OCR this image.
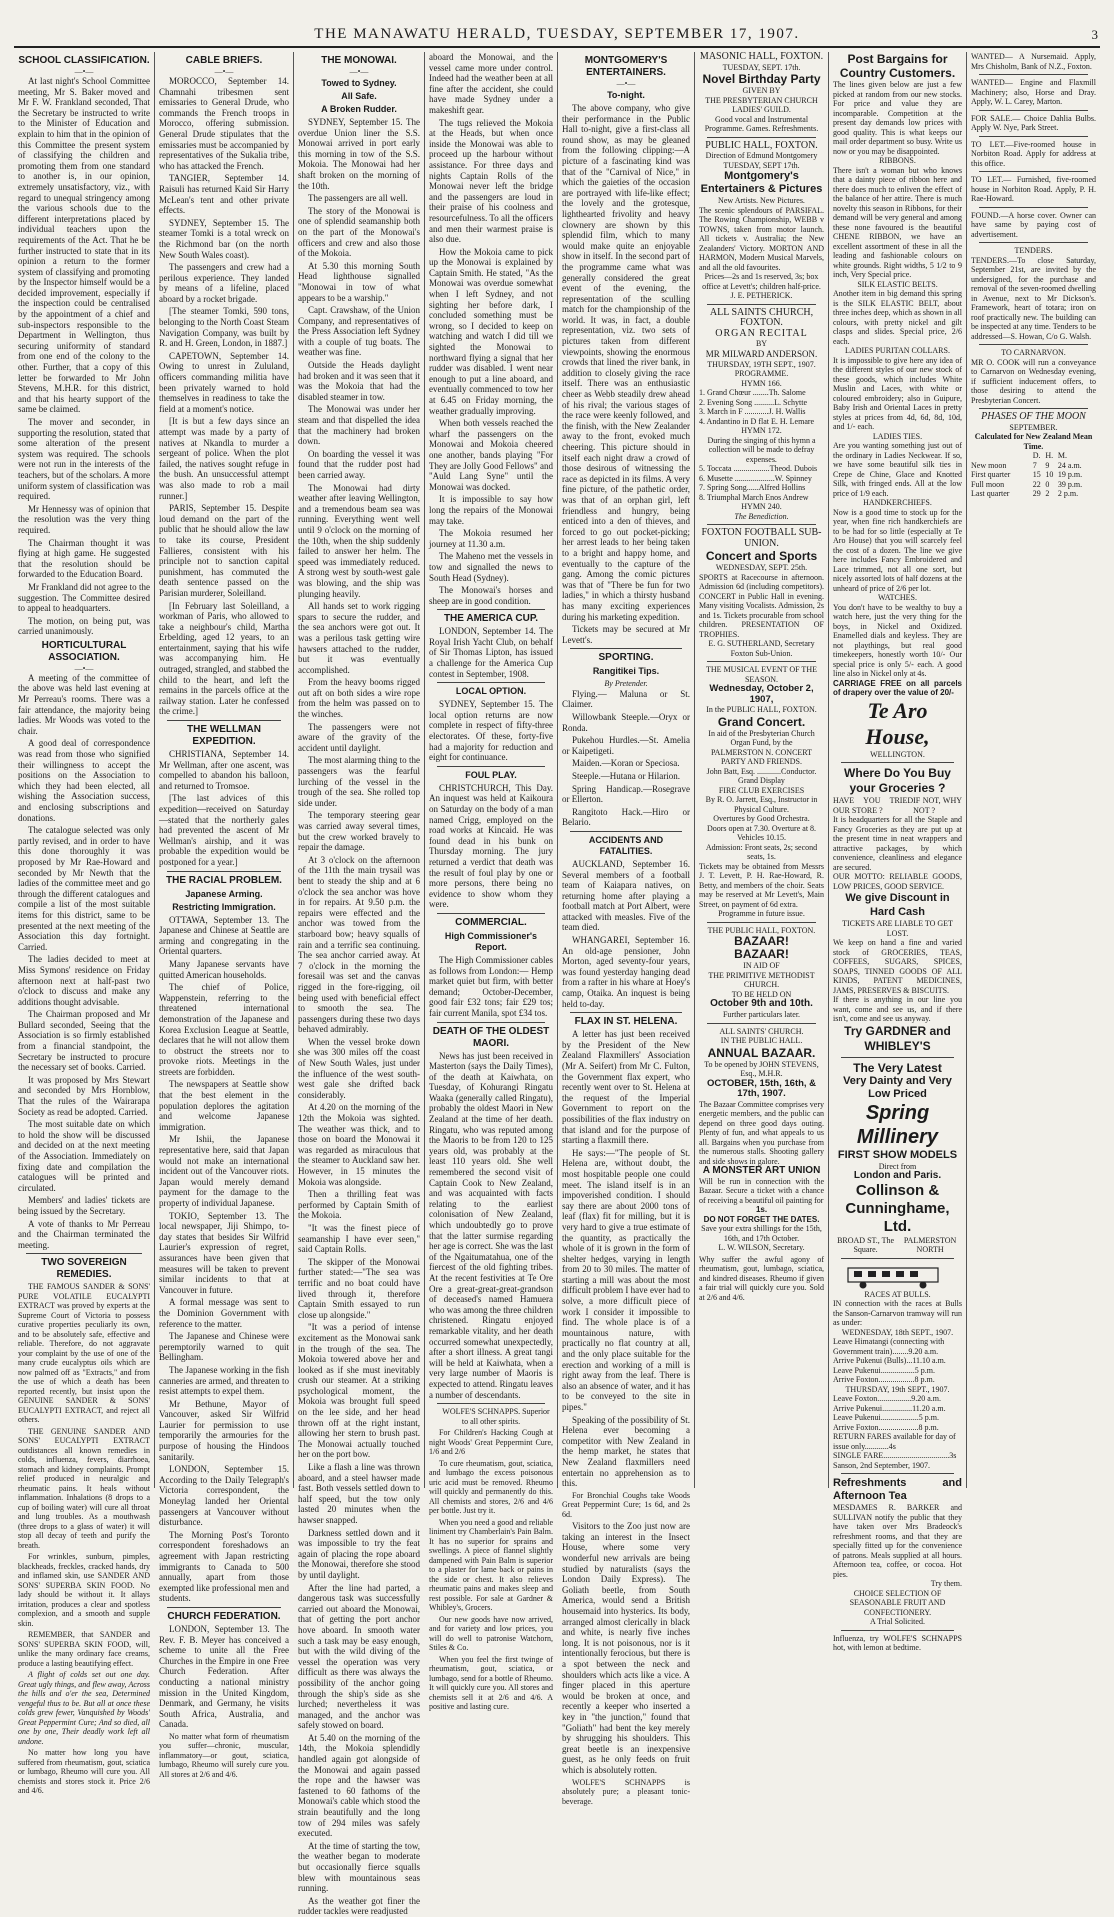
THE MANAWATU HERALD, TUESDAY, SEPTEMBER 17, 1907.	3
SCHOOL CLASSIFICATION.
—•—

At last night's School Committee meeting, Mr S. Baker moved and Mr F. W. Frankland seconded, That the Secretary be instructed to write to the Minister of Education and explain to him that in the opinion of this Committee the present system of classifying the children and promoting them from one standard to another is, in our opinion, extremely unsatisfactory, viz., with regard to unequal stringency among the various schools due to the different interpretations placed by individual teachers upon the requirements of the Act. That he be further instructed to state that in its opinion a return to the former system of classifying and promoting by the Inspector himself would be a decided improvement, especially if the inspection could be centralised by the appointment of a chief and sub-inspectors responsible to the Department in Wellington, thus securing uniformity of standard from one end of the colony to the other. Further, that a copy of this letter be forwarded to Mr John Stevens, M.H.R. for this district, and that his hearty support of the same be claimed.

The mover and seconder, in supporting the resolution, stated that some alteration of the present system was required. The schools were not run in the interests of the teachers, but of the scholars. A more uniform system of classification was required.

Mr Hennessy was of opinion that the resolution was the very thing required.

The Chairman thought it was flying at high game. He suggested that the resolution should be forwarded to the Education Board.

Mr Frankland did not agree to the suggestion. The Committee desired to appeal to headquarters.

The motion, on being put, was carried unanimously.

HORTICULTURAL ASSOCIATION.
—•—

A meeting of the committee of the above was held last evening at Mr Perreau's rooms. There was a fair attendance, the majority being ladies. Mr Woods was voted to the chair.

A good deal of correspondence was read from those who signified their willingness to accept the positions on the Association to which they had been elected, all wishing the Association success, and enclosing subscriptions and donations.

The catalogue selected was only partly revised, and in order to have this done thoroughly it was proposed by Mr Rae-Howard and seconded by Mr Newth that the ladies of the committee meet and go through the different catalogues and compile a list of the most suitable items for this district, same to be presented at the next meeting of the Association this day fortnight. Carried.

The ladies decided to meet at Miss Symons' residence on Friday afternoon next at half-past two o'clock to discuss and make any additions thought advisable.

The Chairman proposed and Mr Bullard seconded, Seeing that the Association is so firmly established from a financial standpoint, the Secretary be instructed to procure the necessary set of books. Carried.

It was proposed by Mrs Stewart and seconded by Mrs Hornblow, That the rules of the Wairarapa Society as read be adopted. Carried.

The most suitable date on which to hold the show will be discussed and decided on at the next meeting of the Association. Immediately on fixing date and compilation the catalogues will be printed and circulated.

Members' and ladies' tickets are being issued by the Secretary.

A vote of thanks to Mr Perreau and the Chairman terminated the meeting.

TWO SOVEREIGN REMEDIES.

THE FAMOUS SANDER & SONS' PURE VOLATILE EUCALYPTI EXTRACT was proved by experts at the Supreme Court of Victoria to possess curative properties peculiarly its own, and to be absolutely safe, effective and reliable. Therefore, do not aggravate your complaint by the use of one of the many crude eucalyptus oils which are now palmed off as "Extracts," and from the use of which a death has been reported recently, but insist upon the GENUINE SANDER & SONS' EUCALYPTI EXTRACT, and reject all others.

THE GENUINE SANDER AND SONS' EUCALYPTI EXTRACT outdistances all known remedies in colds, influenza, fevers, diarrhoea, stomach and kidney complaints. Prompt relief produced in neuralgic and rheumatic pains. It heals without inflammation. Inhalations (8 drops to a cup of boiling water) will cure all throat and lung troubles. As a mouthwash (three drops to a glass of water) it will stop all decay of teeth and purify the breath.

For wrinkles, sunburn, pimples, blackheads, freckles, cracked hands, dry and inflamed skin, use SANDER AND SONS' SUPERBA SKIN FOOD. No lady should be without it. It allays irritation, produces a clear and spotless complexion, and a smooth and supple skin.

REMEMBER, that SANDER and SONS' SUPERBA SKIN FOOD, will, unlike the many ordinary face creams, produce a lasting beautifying effect.

A flight of colds set out one day. Great ugly things, and flew away, Across the hills and o'er the sea, Determined vengeful thus to be. But all at once these colds grew fewer, Vanquished by Woods' Great Peppermint Cure; And so died, all one by one, Their deadly work left all undone.

No matter how long you have suffered from rheumatism, gout, sciatica or lumbago, Rheumo will cure you. All chemists and stores stock it. Price 2/6 and 4/6.

CABLE BRIEFS.
—•—

MOROCCO, September 14. Chamnahi tribesmen sent emissaries to General Drude, who commands the French troops in Morocco, offering submission. General Drude stipulates that the emissaries must be accompanied by representatives of the Sukalia tribe, who has attacked the French.

TANGIER, September 14. Raisuli has returned Kaid Sir Harry McLean's tent and other private effects.

SYDNEY, September 15. The steamer Tomki is a total wreck on the Richmond bar (on the north New South Wales coast).

The passengers and crew had a perilous experience. They landed by means of a lifeline, placed aboard by a rocket brigade.

[The steamer Tomki, 590 tons, belonging to the North Coast Steam Navigation Company, was built by R. and H. Green, London, in 1887.]

CAPETOWN, September 14. Owing to unrest in Zululand, officers commanding militia have been privately warned to hold themselves in readiness to take the field at a moment's notice.

[It is but a few days since an attempt was made by a party of natives at Nkandla to murder a sergeant of police. When the plot failed, the natives sought refuge in the bush. An unsuccessful attempt was also made to rob a mail runner.]

PARIS, September 15. Despite loud demand on the part of the public that he should allow the law to take its course, President Fallieres, consistent with his principle not to sanction capital punishment, has commuted the death sentence passed on the Parisian murderer, Soleilland.

[In February last Soleilland, a workman of Paris, who allowed to take a neighbour's child, Martha Erbelding, aged 12 years, to an entertainment, saying that his wife was accompanying him. He outraged, strangled, and stabbed the child to the heart, and left the remains in the parcels office at the railway station. Later he confessed the crime.]

THE WELLMAN EXPEDITION.

CHRISTIANA, September 14. Mr Wellman, after one ascent, was compelled to abandon his balloon, and returned to Tromsoe.

[The last advices of this expedition—received on Saturday—stated that the northerly gales had prevented the ascent of Mr Wellman's airship, and it was probable the expedition would be postponed for a year.]

THE RACIAL PROBLEM.
Japanese Arming.
Restricting Immigration.

OTTAWA, September 13. The Japanese and Chinese at Seattle are arming and congregating in the Oriental quarters.

Many Japanese servants have quitted American households.

The chief of Police, Wappenstein, referring to the threatened international demonstration of the Japanese and Korea Exclusion League at Seattle, declares that he will not allow them to obstruct the streets nor to provoke riots. Meetings in the streets are forbidden.

The newspapers at Seattle show that the best element in the population deplores the agitation and welcome Japanese immigration.

Mr Ishii, the Japanese representative here, said that Japan would not make an international incident out of the Vancouver riots. Japan would merely demand payment for the damage to the property of individual Japanese.

TOKIO, September 13. The local newspaper, Jiji Shimpo, to-day states that besides Sir Wilfrid Laurier's expression of regret, assurances have been given that measures will be taken to prevent similar incidents to that at Vancouver in future.

A formal message was sent to the Dominion Government with reference to the matter.

The Japanese and Chinese were peremptorily warned to quit Bellingham.

The Japanese working in the fish canneries are armed, and threaten to resist attempts to expel them.

Mr Bethune, Mayor of Vancouver, asked Sir Wilfrid Laurier for permission to use temporarily the armouries for the purpose of housing the Hindoos sanitarily.

LONDON, September 15. According to the Daily Telegraph's Victoria correspondent, the Moneylag landed her Oriental passengers at Vancouver without disturbance.

The Morning Post's Toronto correspondent foreshadows an agreement with Japan restricting immigrants to Canada to 500 annually, apart from those exempted like professional men and students.

CHURCH FEDERATION.

LONDON, September 13. The Rev. F. B. Meyer has conceived a scheme to unite all the Free Churches in the Empire in one Free Church Federation. After conducting a national ministry mission in the United Kingdom, Denmark, and Germany, he visits South Africa, Australia, and Canada.

No matter what form of rheumatism you suffer—chronic, muscular, inflammatory—or gout, sciatica, lumbago, Rheumo will surely cure you. All stores at 2/6 and 4/6.

THE MONOWAI.
—•—
Towed to Sydney.
All Safe.
A Broken Rudder.

SYDNEY, September 15. The overdue Union liner the S.S. Monowai arrived in port early this morning in tow of the S.S. Mokoia. The Monowai had her shaft broken on the morning of the 10th.

The passengers are all well.

The story of the Monowai is one of splendid seamanship both on the part of the Monowai's officers and crew and also those of the Mokoia.

At 5.30 this morning South Head lighthouse signalled "Monowai in tow of what appears to be a warship."

Capt. Crawshaw, of the Union Company, and representatives of the Press Association left Sydney with a couple of tug boats. The weather was fine.

Outside the Heads daylight had broken and it was seen that it was the Mokoia that had the disabled steamer in tow.

The Monowai was under her steam and that dispelled the idea that the machinery had broken down.

On boarding the vessel it was found that the rudder post had been carried away.

The Monowai had dirty weather after leaving Wellington, and a tremendous beam sea was running. Everything went well until 9 o'clock on the morning of the 10th, when the ship suddenly failed to answer her helm. The speed was immediately reduced. A strong west by south-west gale was blowing, and the ship was plunging heavily.

All hands set to work rigging spars to secure the rudder, and the sea anchors were got out. It was a perilous task getting wire hawsers attached to the rudder, but it was eventually accomplished.

From the heavy booms rigged out aft on both sides a wire rope from the helm was passed on to the winches.

The passengers were not aware of the gravity of the accident until daylight.

The most alarming thing to the passengers was the fearful lurching of the vessel in the trough of the sea. She rolled top side under.

The temporary steering gear was carried away several times, but the crew worked bravely to repair the damage.

At 3 o'clock on the afternoon of the 11th the main trysail was bent to steady the ship and at 6 o'clock the sea anchor was hove in for repairs. At 9.50 p.m. the repairs were effected and the anchor was towed from the starboard bow; heavy squalls of rain and a terrific sea continuing. The sea anchor carried away. At 7 o'clock in the morning the foresail was set and the canvas rigged in the fore-rigging, oil being used with beneficial effect to smooth the sea. The passengers during these two days behaved admirably.

When the vessel broke down she was 300 miles off the coast of New South Wales, just under the influence of the west south-west gale she drifted back considerably.

At 4.20 on the morning of the 12th the Mokoia was sighted. The weather was thick, and to those on board the Monowai it was regarded as miraculous that the steamer to Auckland saw her. However, in 15 minutes the Mokoia was alongside.

Then a thrilling feat was performed by Captain Smith of the Mokoia.

"It was the finest piece of seamanship I have ever seen," said Captain Rolls.

The skipper of the Monowai further stated:—"The sea was terrific and no boat could have lived through it, therefore Captain Smith essayed to run close up alongside."

"It was a period of intense excitement as the Monowai sank in the trough of the sea. The Mokoia towered above her and looked as if she must inevitably crush our steamer. At a striking psychological moment, the Mokoia was brought full speed on the lee side, and her head thrown off at the right instant, allowing her stern to brush past. The Monowai actually touched her on the port bow.

Like a flash a line was thrown aboard, and a steel hawser made fast. Both vessels settled down to half speed, but the tow only lasted 20 minutes when the hawser snapped.

Darkness settled down and it was impossible to try the feat again of placing the rope aboard the Monowai, therefore she stood by until daylight.

After the line had parted, a dangerous task was successfully carried out aboard the Monowai, that of getting the port anchor hove aboard. In smooth water such a task may be easy enough, but with the wild diving of the vessel the operation was very difficult as there was always the possibility of the anchor going through the ship's side as she lurched; nevertheless it was managed, and the anchor was safely stowed on board.

At 5.40 on the morning of the 14th, the Mokoia splendidly handled again got alongside of the Monowai and again passed the rope and the hawser was fastened to 60 fathoms of the Monowai's cable which stood the strain beautifully and the long tow of 294 miles was safely executed.

At the time of starting the tow, the weather began to moderate but occasionally fierce squalls blew with mountainous seas running.

As the weather got finer the rudder tackles were readjusted

aboard the Monowai, and the vessel came more under control. Indeed had the weather been at all fine after the accident, she could have made Sydney under a makeshift gear.

The tugs relieved the Mokoia at the Heads, but when once inside the Monowai was able to proceed up the harbour without assistance. For three days and nights Captain Rolls of the Monowai never left the bridge and the passengers are loud in their praise of his coolness and resourcefulness. To all the officers and men their warmest praise is also due.

How the Mokoia came to pick up the Monowai is explained by Captain Smith. He stated, "As the Monowai was overdue somewhat when I left Sydney, and not sighting her before dark, I concluded something must be wrong, so I decided to keep on watching and watch I did till we sighted the Monowai to northward flying a signal that her rudder was disabled. I went near enough to put a line aboard, and eventually commenced to tow her at 6.45 on Friday morning, the weather gradually improving.

When both vessels reached the wharf the passengers on the Monowai and Mokoia cheered one another, bands playing "For They are Jolly Good Fellows" and "Auld Lang Syne" until the Monowai was docked.

It is impossible to say how long the repairs of the Monowai may take.

The Mokoia resumed her journey at 11.30 a.m.

The Maheno met the vessels in tow and signalled the news to South Head (Sydney).

The Monowai's horses and sheep are in good condition.

THE AMERICA CUP.

LONDON, September 14. The Royal Irish Yacht Club, on behalf of Sir Thomas Lipton, has issued a challenge for the America Cup contest in September, 1908.

LOCAL OPTION.

SYDNEY, September 15. The local option returns are now complete in respect of fifty-three electorates. Of these, forty-five had a majority for reduction and eight for continuance.

FOUL PLAY.

CHRISTCHURCH, This Day. An inquest was held at Kaikoura on Saturday on the body of a man named Crigg, employed on the road works at Kincaid. He was found dead in his bunk on Thursday morning. The jury returned a verdict that death was the result of foul play by one or more persons, there being no evidence to show whom they were.

COMMERCIAL.
High Commissioner's Report.

The High Commissioner cables as follows from London:— Hemp market quiet but firm, with better demand; October-December, good fair £32 tons; fair £29 tos; fair current Manila, spot £34 tos.

DEATH OF THE OLDEST MAORI.

News has just been received in Masterton (says the Daily Times), of the death at Kaiwhata, on Tuesday, of Kohurangi Ringatu Waaka (generally called Ringatu), probably the oldest Maori in New Zealand at the time of her death. Ringatu, who was reputed among the Maoris to be from 120 to 125 years old, was probably at the least 110 years old. She well remembered the second visit of Captain Cook to New Zealand, and was acquainted with facts relating to the earliest colonisation of New Zealand, which undoubtedly go to prove that the latter surmise regarding her age is correct. She was the last of the Ngaitumatahua, one of the fiercest of the old fighting tribes. At the recent festivities at Te Ore Ore a great-great-great-grandson of deceased's named Hamuera who was among the three children christened. Ringatu enjoyed remarkable vitality, and her death occurred somewhat unexpectedly, after a short illness. A great tangi will be held at Kaiwhata, when a very large number of Maoris is expected to attend. Ringatu leaves a number of descendants.

WOLFE'S SCHNAPPS. Superior to all other spirits.

For Children's Hacking Cough at night Woods' Great Peppermint Cure, 1/6 and 2/6

To cure rheumatism, gout, sciatica, and lumbago the excess poisonous uric acid must be removed. Rheumo will quickly and permanently do this. All chemists and stores, 2/6 and 4/6 per bottle. Just try it.

When you need a good and reliable liniment try Chamberlain's Pain Balm. It has no superior for sprains and swellings. A piece of flannel slightly dampened with Pain Balm is superior to a plaster for lame back or pains in the side or chest. It also relieves rheumatic pains and makes sleep and rest possible. For sale at Gardner & Whibley's, Grocers.

Our new goods have now arrived, and for variety and low prices, you will do well to patronise Watchorn, Stiles & Co.

When you feel the first twinge of rheumatism, gout, sciatica, or lumbago, send for a bottle of Rheumo. It will quickly cure you. All stores and chemists sell it at 2/6 and 4/6. A positive and lasting cure.

MONTGOMERY'S ENTERTAINERS.
—•—
To-night.

The above company, who give their performance in the Public Hall to-night, give a first-class all round show, as may be gleaned from the following clipping:—A picture of a fascinating kind was that of the "Carnival of Nice," in which the gaieties of the occasion are portrayed with life-like effect; the lovely and the grotesque, lighthearted frivolity and heavy clownery are shown by this splendid film, which to many would make quite an enjoyable show in itself. In the second part of the programme came what was generally considered the great event of the evening, the representation of the sculling match for the championship of the world. It was, in fact, a double representation, viz. two sets of pictures taken from different viewpoints, showing the enormous crowds that lined the river bank, in addition to closely giving the race itself. There was an enthusiastic cheer as Webb steadily drew ahead of his rival; the various stages of the race were keenly followed, and the finish, with the New Zealander away to the front, evoked much cheering. This picture should in itself each night draw a crowd of those desirous of witnessing the race as depicted in its films. A very fine picture, of the pathetic order, was that of an orphan girl, left friendless and hungry, being enticed into a den of thieves, and forced to go out pocket-picking; her arrest leads to her being taken to a bright and happy home, and eventually to the capture of the gang. Among the comic pictures was that of "There be fun for two ladies," in which a thirsty husband has many exciting experiences during his marketing expedition.

Tickets may be secured at Mr Levett's.

SPORTING.
Rangitikei Tips.
By Pretender.

Flying.— Maluna or St. Claimer.

Willowbank Steeple.—Oryx or Ronda.

Pukehou Hurdles.—St. Amelia or Kaipetigeti.

Maiden.—Koran or Speciosa.

Steeple.—Hutana or Hilarion.

Spring Handicap.—Rosegrave or Ellerton.

Rangitoto Hack.—Hiro or Belario.

ACCIDENTS AND FATALITIES.

AUCKLAND, September 16. Several members of a football team of Kaiapara natives, on returning home after playing a football match at Port Albert, were attacked with measles. Five of the team died.

WHANGAREI, September 16. An old-age pensioner, John Morton, aged seventy-four years, was found yesterday hanging dead from a rafter in his whare at Hoey's camp, Otaika. An inquest is being held to-day.

FLAX IN ST. HELENA.

A letter has just been received by the President of the New Zealand Flaxmillers' Association (Mr A. Seifert) from Mr C. Fulton, the Government flax expert, who recently went over to St. Helena at the request of the Imperial Government to report on the possibilities of the flax industry on that island and for the purpose of starting a flaxmill there.

He says:—"The people of St. Helena are, without doubt, the most hospitable people one could meet. The island itself is in an impoverished condition. I should say there are about 2000 tons of leaf (flax) fit for milling, but it is very hard to give a true estimate of the quantity, as practically the whole of it is grown in the form of shelter hedges, varying in length from 20 to 30 miles. The matter of starting a mill was about the most difficult problem I have ever had to solve, a more difficult piece of work I consider it impossible to find. The whole place is of a mountainous nature, with practically no flat country at all, and the only place suitable for the erection and working of a mill is right away from the leaf. There is also an absence of water, and it has to be conveyed to the site in pipes."

Speaking of the possibility of St. Helena ever becoming a competitor with New Zealand in the hemp market, he states that New Zealand flaxmillers need entertain no apprehension as to this.

For Bronchial Coughs take Woods Great Peppermint Cure; 1s 6d, and 2s 6d.

Visitors to the Zoo just now are taking an interest in the Insect House, where some very wonderful new arrivals are being studied by naturalists (says the London Daily Express). The Goliath beetle, from South America, would send a British housemaid into hysterics. Its body, arranged almost clerically in black and white, is nearly five inches long. It is not poisonous, nor is it intentionally ferocious, but there is a spot between the neck and shoulders which acts like a vice. A finger placed in this aperture would be broken at once, and recently a keeper who inserted a key in "the junction," found that "Goliath" had bent the key merely by shrugging his shoulders. This great beetle is an inexpensive guest, as he only feeds on fruit which is absolutely rotten.

WOLFE'S SCHNAPPS is absolutely pure; a pleasant tonic-beverage.

MASONIC HALL, FOXTON.
TUESDAY, SEPT. 17th.
Novel Birthday Party
GIVEN BY
THE PRESBYTERIAN CHURCH LADIES' GUILD.
Good vocal and Instrumental Programme. Games. Refreshments.
PUBLIC HALL, FOXTON.
Direction of Edmund Montgomery TUESDAY, SEPT 17th.
Montgomery's Entertainers & Pictures
New Artists. New Pictures.
The scenic splendours of PARSIFAL. The Rowing Championship, WEBB v TOWNS, taken from motor launch. All tickets v. Australia; the New Zealanders' Victory. MORTON AND HARMON, Modern Musical Marvels, and all the old favourites.
Prices—2s and 1s reserved, 3s; box office at Levett's; children half-price.
J. E. PETHERICK.
ALL SAINTS CHURCH, FOXTON.
ORGAN RECITAL
BY
MR MILWARD ANDERSON.
THURSDAY, 19TH SEPT., 1907.
PROGRAMME.
HYMN 166.
1. Grand Chœur ........Th. Salome
2. Evening Song ..........L. Schytte
3. March in F ............J. H. Wallis
4. Andantino in D flat E. H. Lemare
HYMN 172.
During the singing of this hymn a collection will be made to defray expenses.
5. Toccata ..................Theod. Dubois
6. Musette ....................W. Spinney
7. Spring Song......Alfred Hollins
8. Triumphal March Enos Andrew
HYMN 240.
The Benediction.
FOXTON FOOTBALL SUB-UNION.
Concert and Sports
WEDNESDAY, SEPT. 25th.
SPORTS at Racecourse in afternoon. Admission 6d (including competitors). CONCERT in Public Hall in evening. Many visiting Vocalists. Admission, 2s and 1s. Tickets procurable from school children. PRESENTATION OF TROPHIES.
E. G. SUTHERLAND, Secretary Foxton Sub-Union.
THE MUSICAL EVENT OF THE SEASON.
Wednesday, October 2, 1907,
In the PUBLIC HALL, FOXTON.
Grand Concert.
In aid of the Presbyterian Church Organ Fund, by the
PALMERSTON N. CONCERT PARTY AND FRIENDS.
John Batt, Esq. ............Conductor.
Grand Display
FIRE CLUB EXERCISES
By R. O. Jarrett, Esq., Instructor in Physical Culture.
Overtures by Good Orchestra.
Doors open at 7.30. Overture at 8. Vehicles 10.15.
Admission: Front seats, 2s; second seats, 1s.
Tickets may be obtained from Messrs J. T. Levett, P. H. Rae-Howard, R. Betty, and members of the choir. Seats may be reserved at Mr Levett's, Main Street, on payment of 6d extra.
Programme in future issue.
THE PUBLIC HALL, FOXTON.
BAZAAR!
BAZAAR!
IN AID OF
THE PRIMITIVE METHODIST CHURCH.
TO BE HELD ON
October 9th and 10th.
Further particulars later.
ALL SAINTS' CHURCH.
IN THE PUBLIC HALL.
ANNUAL BAZAAR.
To be opened by JOHN STEVENS, Esq., M.H.R.
OCTOBER, 15th, 16th, & 17th, 1907.
The Bazaar Committee comprises very energetic members, and the public can depend on three good days outing. Plenty of fun, and what appeals to us all. Bargains when you purchase from the numerous stalls. Shooting gallery and side shows in galore.
A MONSTER ART UNION
Will be run in connection with the Bazaar. Secure a ticket with a chance of receiving a beautiful oil painting for
1s.
DO NOT FORGET THE DATES.
Save your extra shillings for the 15th, 16th, and 17th October.
L. W. WILSON, Secretary.
Why suffer the awful agony of rheumatism, gout, lumbago, sciatica, and kindred diseases. Rheumo if given a fair trial will quickly cure you. Sold at 2/6 and 4/6.
Post Bargains for Country Customers.
The lines given below are just a few picked at random from our new stocks. For price and value they are incomparable. Competition at the present day demands low prices with good quality. This is what keeps our mail order department so busy. Write us now or you may be disappointed.
RIBBONS.
There isn't a woman but who knows that a dainty piece of ribbon here and there does much to enliven the effect of the balance of her attire. There is much novelty this season in Ribbons, for their demand will be very general and among these none favoured is the beautiful CHENE RIBBON, we have an excellent assortment of these in all the leading and fashionable colours on white grounds. Right widths, 5 1/2 to 9 inch, Very Special price.
SILK ELASTIC BELTS.
Another item in big demand this spring is the SILK ELASTIC BELT, about three inches deep, which as shown in all colours, with pretty nickel and gilt clasps and slides. Special price, 2/6 each.
LADIES PURITAN COLLARS.
It is impossible to give here any idea of the different styles of our new stock of these goods, which includes White Muslin and Laces, with white or coloured embroidery; also in Guipure, Baby Irish and Oriental Laces in pretty styles at prices from 4d, 6d, 8d, 10d, and 1/- each.
LADIES TIES.
Are you wanting something just out of the ordinary in Ladies Neckwear. If so, we have some beautiful silk ties in Crepe de Chine, Glace and Knotted Silk, with fringed ends. All at the low price of 1/9 each.
HANDKERCHIEFS.
Now is a good time to stock up for the year, when fine rich handkerchiefs are to be had for so little (especially at Te Aro House) that you will scarcely feel the cost of a dozen. The line we give here includes Fancy Embroidered and Lace trimmed, not all one sort, but nicely assorted lots of half dozens at the unheard of price of 2/6 per lot.
WATCHES.
You don't have to be wealthy to buy a watch here, just the very thing for the boys, in Nickel and Oxidized. Enamelled dials and keyless. They are not playthings, but real good timekeepers, honestly worth 10/- Our special price is only 5/- each. A good line also in Nickel only at 4s.
CARRIAGE FREE on all parcels of drapery over the value of 20/-
Te Aro House,
WELLINGTON.
Where Do You Buy your Groceries ?
HAVE YOU TRIED OUR STORE ?
IF NOT, WHY NOT ?
It is headquarters for all the Staple and Fancy Groceries as they are put up at the present time in neat wrappers and attractive packages, by which convenience, cleanliness and elegance are secured.
OUR MOTTO: RELIABLE GOODS, LOW PRICES, GOOD SERVICE.
We give Discount in Hard Cash
TICKETS ARE LIABLE TO GET LOST.
We keep on hand a fine and varied stock of GROCERIES, TEAS, COFFEES, SUGARS, SPICES, SOAPS, TINNED GOODS OF ALL KINDS, PATENT MEDICINES, JAMS, PRESERVES & BISCUITS.
If there is anything in our line you want, come and see us, and if there isn't, come and see us anyway.
Try GARDNER and WHIBLEY'S
The Very Latest
Very Dainty and Very Low Priced
Spring Millinery
FIRST SHOW MODELS
Direct from
London and Paris.
Collinson & Cunninghame, Ltd.
BROAD ST., The Square.
PALMERSTON NORTH
RACES AT BULLS.
IN connection with the races at Bulls the Sanson-Carnarvon tramway will run as under:
WEDNESDAY, 18th SEPT., 1907.
Leave Himatangi (connecting with Government train)........9.20 a.m.
Arrive Pukenui (Bulls)...11.10 a.m.
Leave Pukenui.................5 p.m.
Arrive Foxton..................8 p.m.
THURSDAY, 19th SEPT., 1907.
Leave Foxton.................9.20 a.m.
Arrive Pukenui...............11.20 a.m.
Leave Pukenui...................5 p.m.
Arrive Foxton....................8 p.m.
RETURN FARES available for day of issue only............4s
SINGLE FARE.................................3s
Sanson, 2nd September, 1907.
Refreshments and Afternoon Tea
MESDAMES R. BARKER and SULLIVAN notify the public that they have taken over Mrs Bradeock's refreshment rooms, and that they are specially fitted up for the convenience of patrons. Meals supplied at all hours. Afternoon tea, coffee, or cocoa. Hot pies.
Try them.
CHOICE SELECTION OF SEASONABLE FRUIT AND CONFECTIONERY.
A Trial Solicited.
Influenza, try WOLFE'S SCHNAPPS hot, with lemon at bedtime.
WANTED— A Nursemaid. Apply, Mrs Chisholm, Bank of N.Z., Foxton.
WANTED— Engine and Flaxmill Machinery; also, Horse and Dray. Apply, W. L. Carey, Marton.
FOR SALE.— Choice Dahlia Bulbs. Apply W. Nye, Park Street.
TO LET.—Five-roomed house in Norbiton Road. Apply for address at this office.
TO LET.— Furnished, five-roomed house in Norbiton Road. Apply, P. H. Rae-Howard.
FOUND.—A horse cover. Owner can have same by paying cost of advertisement.
TENDERS.
TENDERS.—To close Saturday, September 21st, are invited by the undersigned, for the purchase and removal of the seven-roomed dwelling in Avenue, next to Mr Dickson's. Framework, heart of totara; iron on roof practically new. The building can be inspected at any time. Tenders to be addressed—S. Howan, C/o G. Walsh.
TO CARNARVON.
MR O. COOK will run a conveyance to Carnarvon on Wednesday evening, if sufficient inducement offers, to those desiring to attend the Presbyterian Concert.
PHASES OF THE MOON
SEPTEMBER.
Calculated for New Zealand Mean Time.
	D.	H.	M.
New moon	7	9	24 a.m.
First quarter	15	10	19 p.m.
Full moon	22	0	39 p.m.
Last quarter	29	2	2 p.m.
